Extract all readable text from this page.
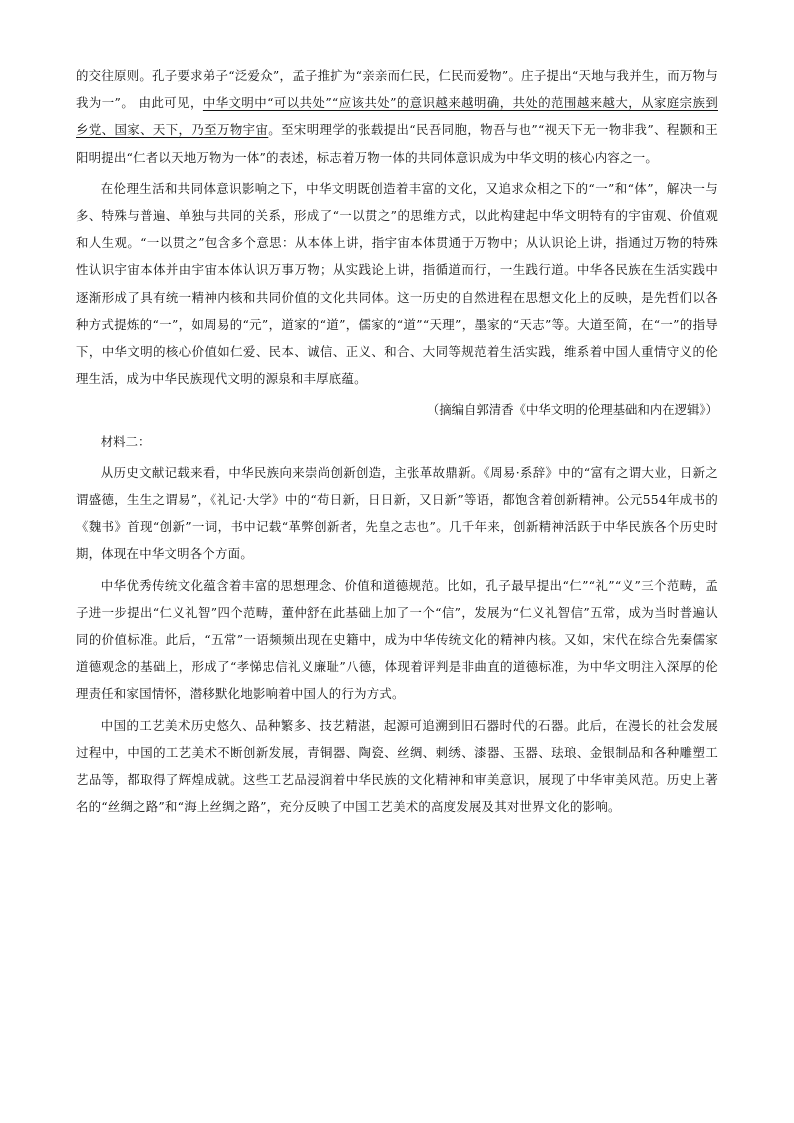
的交往原则。孔子要求弟子“泛爱众”，孟子推扩为“亲亲而仁民，仁民而爱物”。庄子提出“天地与我并生，而万物与我为一”。 由此可见，中华文明中“可以共处”“应该共处”的意识越来越明确，共处的范围越来越大，从家庭宗族到乡党、国家、天下，乃至万物宇宙。至宋明理学的张载提出“民吾同胞，物吾与也”“视天下无一物非我”、程颢和王阳明提出“仁者以天地万物为一体”的表述，标志着万物一体的共同体意识成为中华文明的核心内容之一。

在伦理生活和共同体意识影响之下，中华文明既创造着丰富的文化，又追求众相之下的“一”和“体”，解决一与多、特殊与普遍、单独与共同的关系，形成了“一以贯之”的思维方式，以此构建起中华文明特有的宇宙观、价值观和人生观。“一以贯之”包含多个意思：从本体上讲，指宇宙本体贯通于万物中；从认识论上讲，指通过万物的特殊性认识宇宙本体并由宇宙本体认识万事万物；从实践论上讲，指循道而行，一生践行道。中华各民族在生活实践中逐渐形成了具有统一精神内核和共同价值的文化共同体。这一历史的自然进程在思想文化上的反映，是先哲们以各种方式提炼的“一”，如周易的“元”，道家的“道”，儒家的“道”“天理”，墨家的“天志”等。大道至简，在“一”的指导下，中华文明的核心价值如仁爱、民本、诚信、正义、和合、大同等规范着生活实践，维系着中国人重情守义的伦理生活，成为中华民族现代文明的源泉和丰厚底蕴。

（摘编自郭清香《中华文明的伦理基础和内在逻辑》）

材料二：

从历史文献记载来看，中华民族向来崇尚创新创造，主张革故鼎新。《周易·系辞》中的“富有之谓大业，日新之谓盛德，生生之谓易”，《礼记·大学》中的“苟日新，日日新，又日新”等语，都饱含着创新精神。公元554年成书的《魏书》首现“创新”一词，书中记载“革弊创新者，先皇之志也”。几千年来，创新精神活跃于中华民族各个历史时期，体现在中华文明各个方面。

中华优秀传统文化蕴含着丰富的思想理念、价值和道德规范。比如，孔子最早提出“仁”“礼”“义”三个范畴，孟子进一步提出“仁义礼智”四个范畴，董仲舒在此基础上加了一个“信”，发展为“仁义礼智信”五常，成为当时普遍认同的价值标准。此后，“五常”一语频频出现在史籍中，成为中华传统文化的精神内核。又如，宋代在综合先秦儒家道德观念的基础上，形成了“孝悌忠信礼义廉耻”八德，体现着评判是非曲直的道德标准，为中华文明注入深厚的伦理责任和家国情怀，潜移默化地影响着中国人的行为方式。

中国的工艺美术历史悠久、品种繁多、技艺精湛，起源可追溯到旧石器时代的石器。此后，在漫长的社会发展过程中，中国的工艺美术不断创新发展，青铜器、陶瓷、丝绸、刺绣、漆器、玉器、珐琅、金银制品和各种雕塑工艺品等，都取得了辉煌成就。这些工艺品浸润着中华民族的文化精神和审美意识，展现了中华审美风范。历史上著名的“丝绸之路”和“海上丝绸之路”，充分反映了中国工艺美术的高度发展及其对世界文化的影响。
